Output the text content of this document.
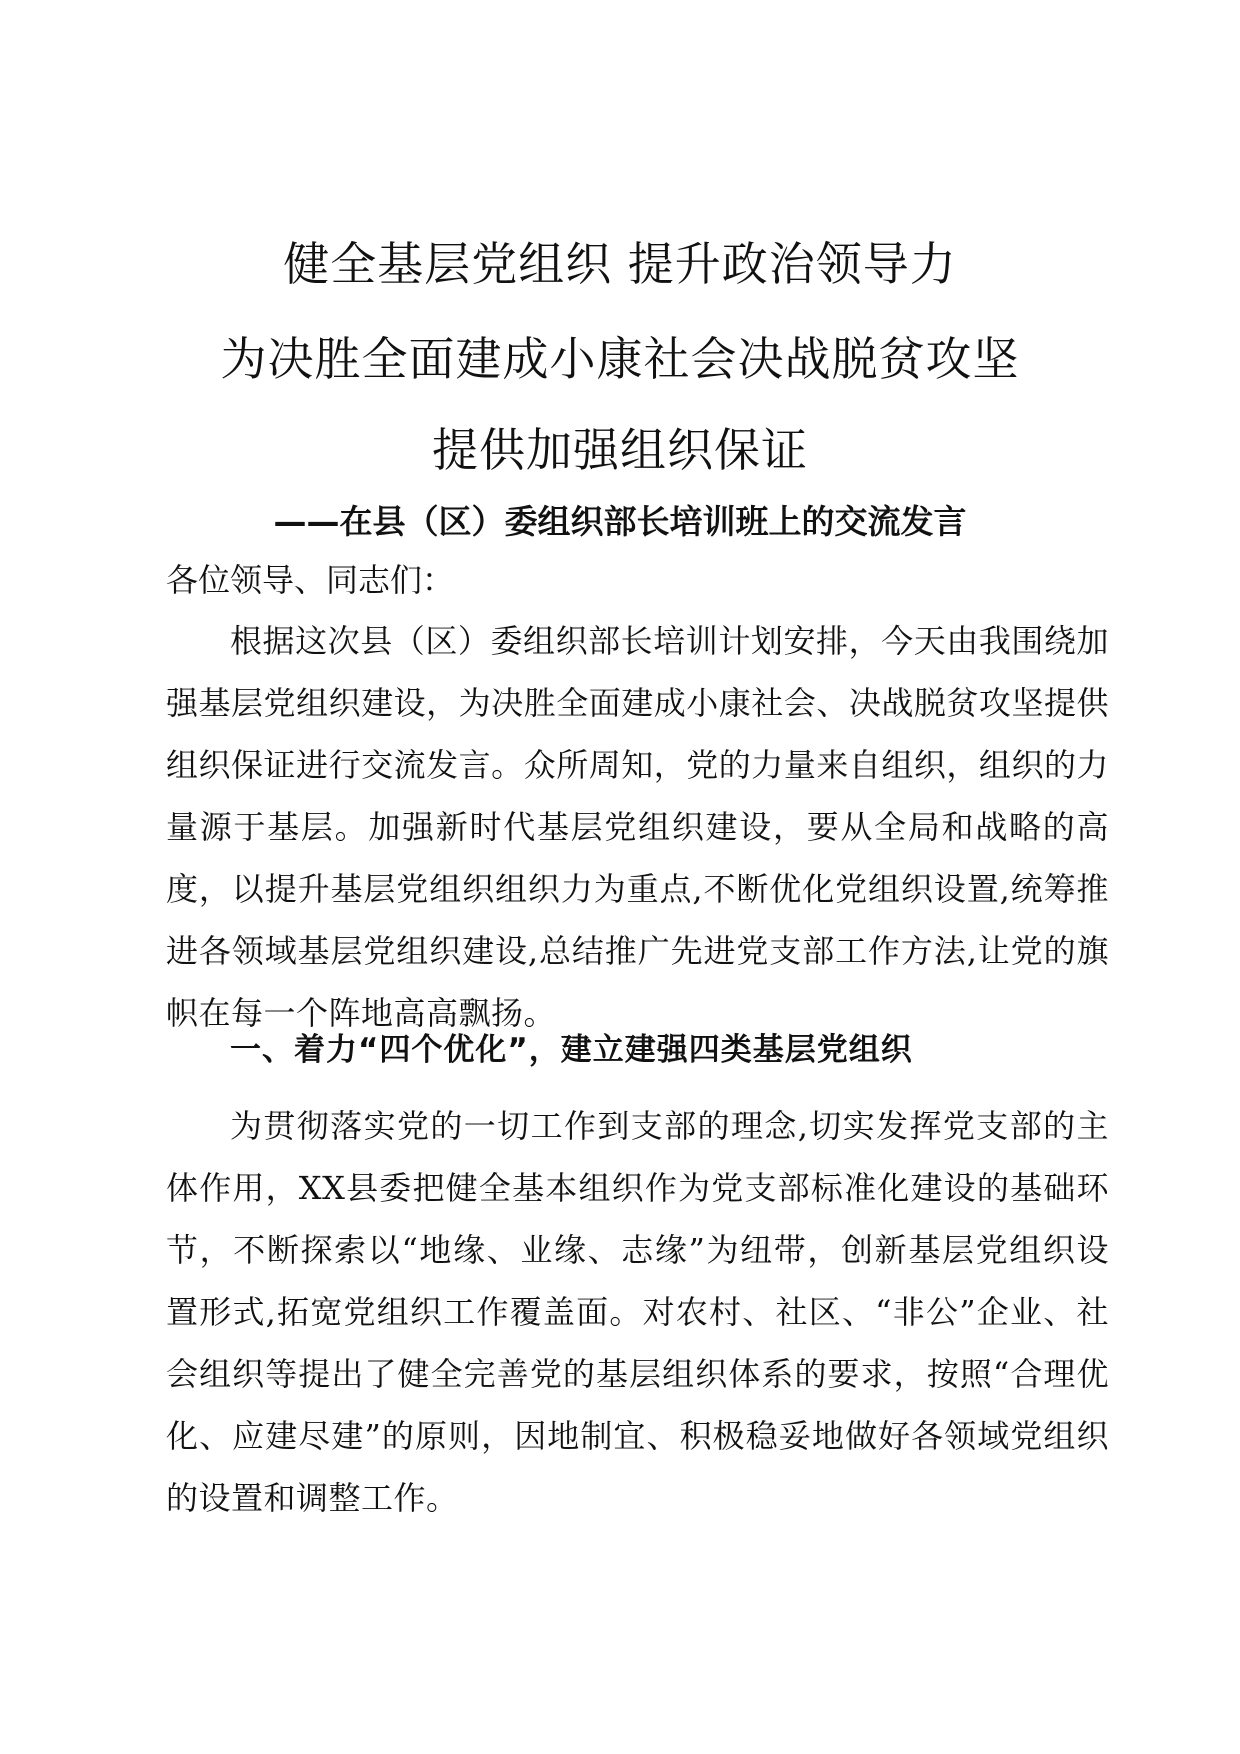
健全基层党组织 提升政治领导力
为决胜全面建成小康社会决战脱贫攻坚
提供加强组织保证
——在县（区）委组织部长培训班上的交流发言
各位领导、同志们：
根据这次县（区）委组织部长培训计划安排，今天由我围绕加强基层党组织建设，为决胜全面建成小康社会、决战脱贫攻坚提供组织保证进行交流发言。众所周知，党的力量来自组织，组织的力量源于基层。加强新时代基层党组织建设，要从全局和战略的高度，以提升基层党组织组织力为重点,不断优化党组织设置,统筹推进各领域基层党组织建设,总结推广先进党支部工作方法,让党的旗帜在每一个阵地高高飘扬。
一、着力“四个优化”，建立建强四类基层党组织
为贯彻落实党的一切工作到支部的理念,切实发挥党支部的主体作用，XX县委把健全基本组织作为党支部标准化建设的基础环节，不断探索以“地缘、业缘、志缘”为纽带，创新基层党组织设置形式,拓宽党组织工作覆盖面。对农村、社区、“非公”企业、社会组织等提出了健全完善党的基层组织体系的要求，按照“合理优化、应建尽建”的原则，因地制宜、积极稳妥地做好各领域党组织的设置和调整工作。
